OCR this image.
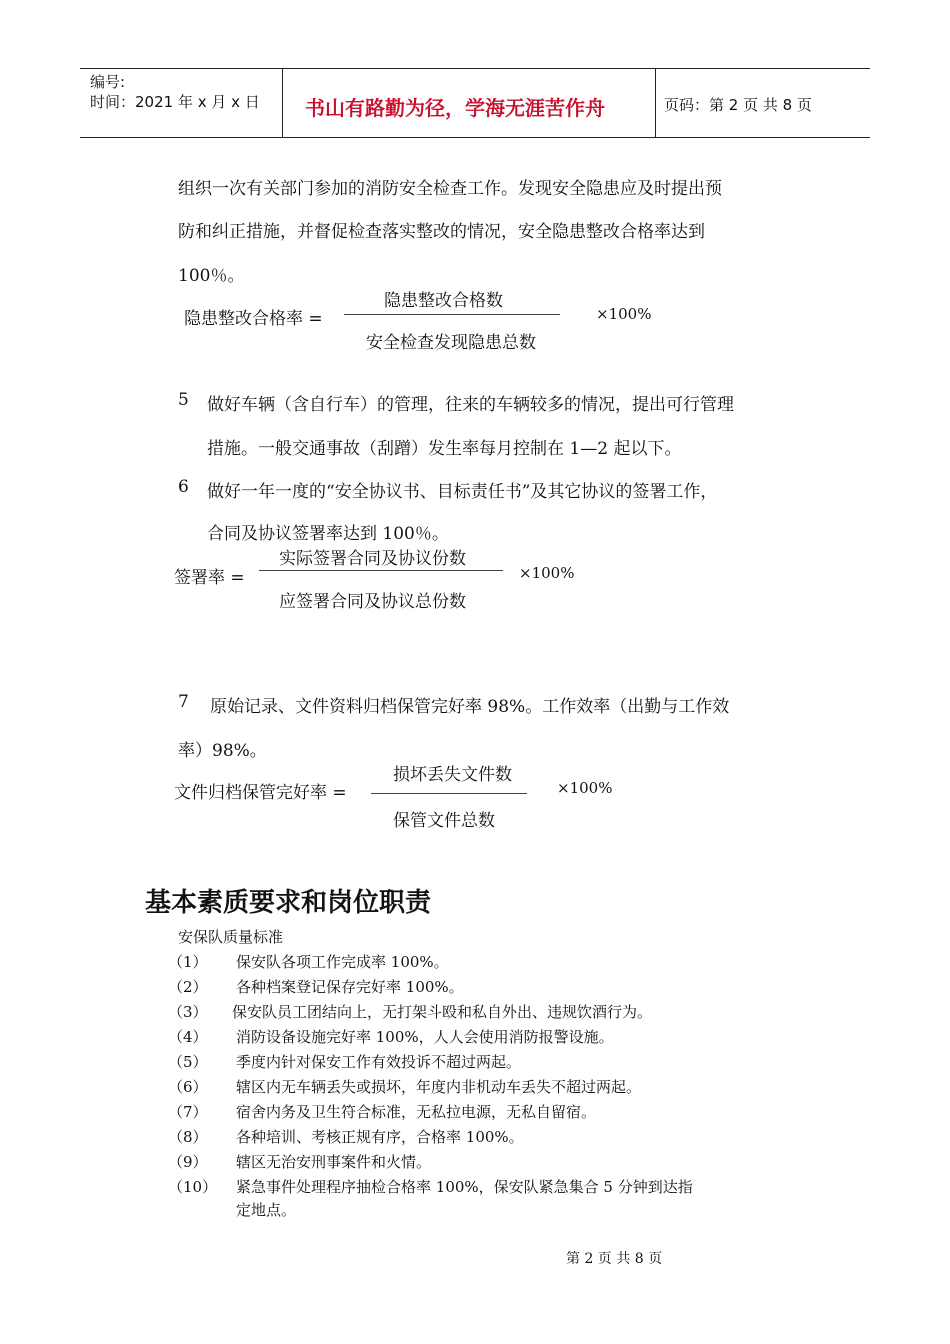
编号:
时间：2021 年 x 月 x 日 书山有路勤为径，学海无涯苦作舟	页码：第 2 页 共 8 页
组织一次有关部门参加的消防安全检查工作。发现安全隐患应及时提出预
防和纠正措施，并督促检查落实整改的情况，安全隐患整改合格率达到
100％。
隐患整改合格率 =
隐患整改合格数
安全检查发现隐患总数
×100%
5 做好车辆（含自行车）的管理，往来的车辆较多的情况，提出可行管理
措施。一般交通事故（刮蹭）发生率每月控制在 1—2 起以下。
6 做好一年一度的“安全协议书、目标责任书”及其它协议的签署工作，
合同及协议签署率达到 100％。
签署率 =
实际签署合同及协议份数
应签署合同及协议总份数
×100%
7 原始记录、文件资料归档保管完好率 98%。工作效率（出勤与工作效
率）98%。
文件归档保管完好率 =
损坏丢失文件数
保管文件总数
×100%
基本素质要求和岗位职责
安保队质量标准
（1） 保安队各项工作完成率 100%。
（2） 各种档案登记保存完好率 100%。
（3） 保安队员工团结向上，无打架斗殴和私自外出、违规饮酒行为。
（4） 消防设备设施完好率 100%，人人会使用消防报警设施。
（5） 季度内针对保安工作有效投诉不超过两起。
（6） 辖区内无车辆丢失或损坏，年度内非机动车丢失不超过两起。
（7） 宿舍内务及卫生符合标准，无私拉电源，无私自留宿。
（8） 各种培训、考核正规有序，合格率 100%。
（9） 辖区无治安刑事案件和火情。
（10） 紧急事件处理程序抽检合格率 100%，保安队紧急集合 5 分钟到达指
定地点。
第 2 页 共 8 页
